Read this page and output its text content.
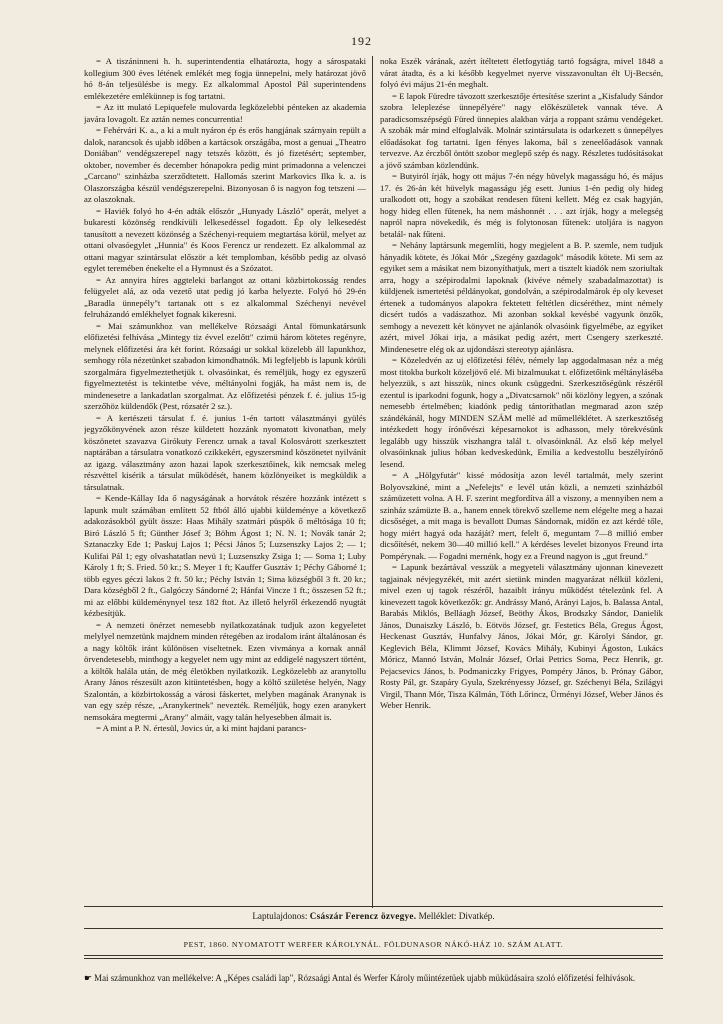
192

= A tiszáninneni h. h. superintendentia elhatározta, hogy a sárospataki kollegium 300 éves létének emlékét meg fogja ünnepelni, mely határozat jövő hó 8-án teljesülésbe is megy. Ez alkalommal Apostol Pál superintendens emlékezetére emlékünnep is fog tartatni.

= Az itt mulató Lepiquefele mulovarda legközelebbi pénteken az akademia javára lovagolt. Ez aztán nemes concurrentia!

= Fehérvári K. a., a ki a mult nyáron ép és erős hangjának szárnyain repült a dalok, narancsok és ujabb időben a kartácsok országába, most a genuai „Theatro Doniában" vendégszerepel nagy tetszés között, és jó fizetésért; september, oktober, november és december hónapokra pedig mint primadonna a velenczei „Carcano" szinházba szerződtetett. Hallomás szerint Markovics Ilka k. a. is Olaszországba készül vendégszerepelni. Bizonyosan ő is nagyon fog tetszeni — az olaszoknak.

= Haviék folyó ho 4-én adták először „Hunyady László" operát, melyet a bukaresti közönség rendkívüli lelkesedéssel fogadott. Ép oly lelkesedést tanusított a nevezett közönség a Széchenyi-requiem megtartása körül, melyet az ottani olvasóegylet „Hunnia" és Koos Ferencz ur rendezett. Ez alkalommal az ottani magyar szintársulat először a két templomban, később pedig az olvasó egylet teremében énekelte el a Hymnust és a Szózatot.

= Az annyira híres aggteleki barlangot az ottani közbirtokosság rendes felügyelet alá, az oda vezető utat pedig jó karba helyezte. Folyó hó 29-én „Baradla ünnepély"t tartanak ott s ez alkalommal Széchenyi nevével felruházandó emlékhelyet fognak kikeresni.

= Mai számunkhoz van mellékelve Rózsaági Antal fömunkatársunk előfizetési felhívása „Mintegy tiz évvel ezelőtt" czimü három kötetes regényre, melynek előfizetési ára két forint. Rózsaági ur sokkal közelebb áll lapunkhoz, semhogy róla nézetünket szabadon kimondhatnók. Mi legfeljebb is lapunk körüli szorgalmára figyelmeztethetjük t. olvasóinkat, és reméljük, hogy ez egyszerű figyelmeztetést is tekintetbe véve, méltányolni fogják, ha mást nem is, de mindenesetre a lankadatlan szorgalmat. Az előfizetési pénzek f. é. julius 15-ig szerzőhöz küldendők (Pest, rózsatér 2 sz.).

= A kertészeti társulat f. é. junius 1-én tartott választmányi gyülés jegyzőkönyvének azon része küldetett hozzánk nyomatott kivonatban, mely köszönetet szavazva Girókuty Ferencz urnak a taval Kolosvárott szerkesztett naptárában a társulatra vonatkozó czikkekért, egyszersmind köszönetet nyilvánít az igazg. választmány azon hazai lapok szerkesztőinek, kik nemcsak meleg részvéttel kisérik a társulat működését, hanem közlönyeiket is megküldik a társulatnak.

= Kende-Kállay Ida ő nagyságának a horvátok részére hozzánk intézett s lapunk mult számában említett 52 ftból álló ujabbi küldeménye a következő adakozásokból gyült össze: Haas Mihály szatmári püspök ő méltósága 10 ft; Biró László 5 ft; Günther Jósef 3; Böhm Ágost 1; N. N. 1; Novák tanár 2; Sztanaczky Ede 1; Paskuj Lajos 1; Pécsi János 5; Luzsenszky Lajos 2; — 1; Kulifai Pál 1; egy olvashatatlan nevü 1; Luzsenszky Zsiga 1; — Soma 1; Luby Károly 1 ft; S. Fried. 50 kr.; S. Meyer 1 ft; Kauffer Gusztáv 1; Péchy Gáborné 1; több egyes géczi lakos 2 ft. 50 kr.; Péchy István 1; Sima községből 3 ft. 20 kr.; Dara községből 2 ft., Galgóczy Sándorné 2; Hánfai Vincze 1 ft.; összesen 52 ft.; mi az előbbi küldeménynyel tesz 182 ftot. Az illető helyről érkezendő nyugtát kézbesítjük.

= A nemzeti önérzet nemesebb nyilatkozatának tudjuk azon kegyeletet melylyel nemzetünk majdnem minden rétegében az irodalom iránt általánosan és a nagy költők iránt különösen viseltetnek. Ezen vivmánya a kornak annál örvendetesebb, minthogy a kegyelet nem ugy mint az eddigelé nagyszert történt, a költők halála után, de még életökben nyilatkozik. Legközelebb az aranytollu Arany János részesült azon kitüntetésben, hogy a költő születése helyén, Nagy Szalontán, a közbirtokosság a városi fáskertet, melyben magának Aranynak is van egy szép része, „Aranykertnek" nevezték. Reméljük, hogy ezen aranykert nemsokára megtermi „Arany" almáit, vagy talán helyesebben álmait is.

= A mint a P. N. értesül, Jovics úr, a ki mint hajdani parancs-

noka Eszék várának, azért ítéltetett életfogytiág tartó fogságra, mivel 1848 a várat átadta, és a ki később kegyelmet nyerve visszavonultan élt Uj-Becsén, folyó évi május 21-én meghalt.

= E lapok Füredre távozott szerkesztője értesítése szerint a „Kisfaludy Sándor szobra leleplezése ünnepélyére" nagy előkészületek vannak téve. A paradicsomszépségü Füred ünnepies alakban várja a roppant számu vendégeket. A szobák már mind elfoglalvák. Molnár szintársulata is odarkezett s ünnepélyes előadásokat fog tartatni. Igen fényes lakoma, bál s zeneelőadások vannak tervezve. Az érczből öntött szobor meglepő szép és nagy. Részletes tudósításokat a jövő számban közlendünk.

= Butyiról írják, hogy ott május 7-én négy hüvelyk magasságu hó, és május 17. és 26-án két hüvelyk magasságu jég esett. Junius 1-én pedig oly hideg uralkodott ott, hogy a szobákat rendesen fűteni kellett. Még ez csak hagyján, hogy hideg ellen fűtenek, ha nem máshonnét . . . azt írják, hogy a melegség napról napra növekedik, és még is folytonosan fűtenek: utoljára is nagyon betalál- nak fűteni.

= Nehány laptársunk megemlíti, hogy megjelent a B. P. szemle, nem tudjuk hányadik kötete, és Jókai Mór „Szegény gazdagok" második kötete. Mi sem az egyiket sem a másikat nem bizonyíthatjuk, mert a tisztelt kiadók nem szoriultak arra, hogy a szépirodalmi lapoknak (kivéve némely szabadalmazottat) is küldjenek ismertetési példányokat, gondolván, a szépirodalmárok ép oly keveset értenek a tudományos alapokra fektetett feltétlen dicséréthez, mint némely dicsért tudós a vadászathoz. Mi azonban sokkal kevésbé vagyunk önzők, semhogy a nevezett két könyvet ne ajánlanók olvasóink figyelmébe, az egyiket azért, mivel Jókai irja, a másikat pedig azért, mert Csengery szerkeszté. Mindenesetre elég ok az ujdondászi stereotyp ajánlásra.

= Közeledvén az uj előfizetési félév, némely lap aggodalmasan néz a még most titokba burkolt közeljövő elé. Mi bizalmuukat t. előfizetőink méltányláséba helyezzük, s azt hisszük, nincs okunk csüggedni. Szerkesztőségünk részéről ezentul is iparkodni fogunk, hogy a „Divatcsarnok" női közlöny legyen, a szónak nemesebb értelmében; kiadónk pedig tántoríthatlan megmarad azon szép szándékánál, hogy MINDEN SZÁM mellé ad műmelléklétet. A szerkesztőség intézkedett hogy írónővészi képesarnokot is adhasson, mely törekvésünk legalább ugy hisszük viszhangra talál t. olvasóinknál. Az első kép melyel olvasóinknak julius hóban kedveskedünk, Emilia a kedvestollu beszélyírónő lesend.

= A „Hölgyfutár" kissé módosítja azon levél tartalmát, mely szerint Bolyovszkiné, mint a „Nefelejts" e levél után közli, a nemzeti szinházból számüzetett volna. A H. F. szerint megfordítva áll a viszony, a mennyiben nem a szinház számüzte B. a., hanem ennek törekvő szelleme nem elégelte meg a hazai dicsőséget, a mit maga is bevallott Dumas Sándornak, midőn ez azt kérdé tőle, hogy miért hagyá oda hazáját? mert, felelt ő, meguntam 7—8 millió ember dicsőítését, nekem 30—40 millió kell." A kérdéses levelet bizonyos Freund irta Pompérynak. — Fogadni mernénk, hogy ez a Freund nagyon is „gut freund."

= Lapunk bezártával vesszük a megyeteli választmány ujonnan kinevezett tagjainak névjegyzékét, mit azért sietünk minden magyarázat nélkül közleni, mivel ezen uj tagok részéről, hazaiblt irányu működést tételezünk fel. A kinevezett tagok következők: gr. Andrássy Manó, Arányi Lajos, b. Balassa Antal, Barabás Miklós, Belláagh József, Beöthy Ákos, Brodszky Sándor, Danielik János, Dunaiszky László, b. Eötvös József, gr. Festetics Béla, Gregus Ágost, Heckenast Gusztáv, Hunfalvy János, Jókai Mór, gr. Károlyi Sándor, gr. Keglevich Béla, Klimmt József, Kovács Mihály, Kubinyi Ágoston, Lukács Móricz, Mannó István, Molnár József, Orlai Petrics Soma, Pecz Henrik, gr. Pejacsevics János, b. Podmaniczky Frigyes, Pompéry János, b. Prónay Gábor, Rosty Pál, gr. Szapáry Gyula, Szekrényessy József, gr. Széchenyi Béla, Szilágyi Virgil, Thann Mór, Tisza Kálmán, Tóth Lőrincz, Ürményi József, Weber János és Weber Henrik.

Laptulajdonos: Császár Ferencz özvegye. Melléklet: Divatkép.
PEST, 1860. NYOMATOTT WERFER KÁROLYNÁL. FÖLDUNASOR NÁKÓ-HÁZ 10. SZÁM ALATT.
☛ Mai számunkhoz van mellékelve: A „Képes családi lap", Rózsaági Antal és Werfer Károly műintézetüek ujabb müküdásaira szoló előfizetési felhívások.
